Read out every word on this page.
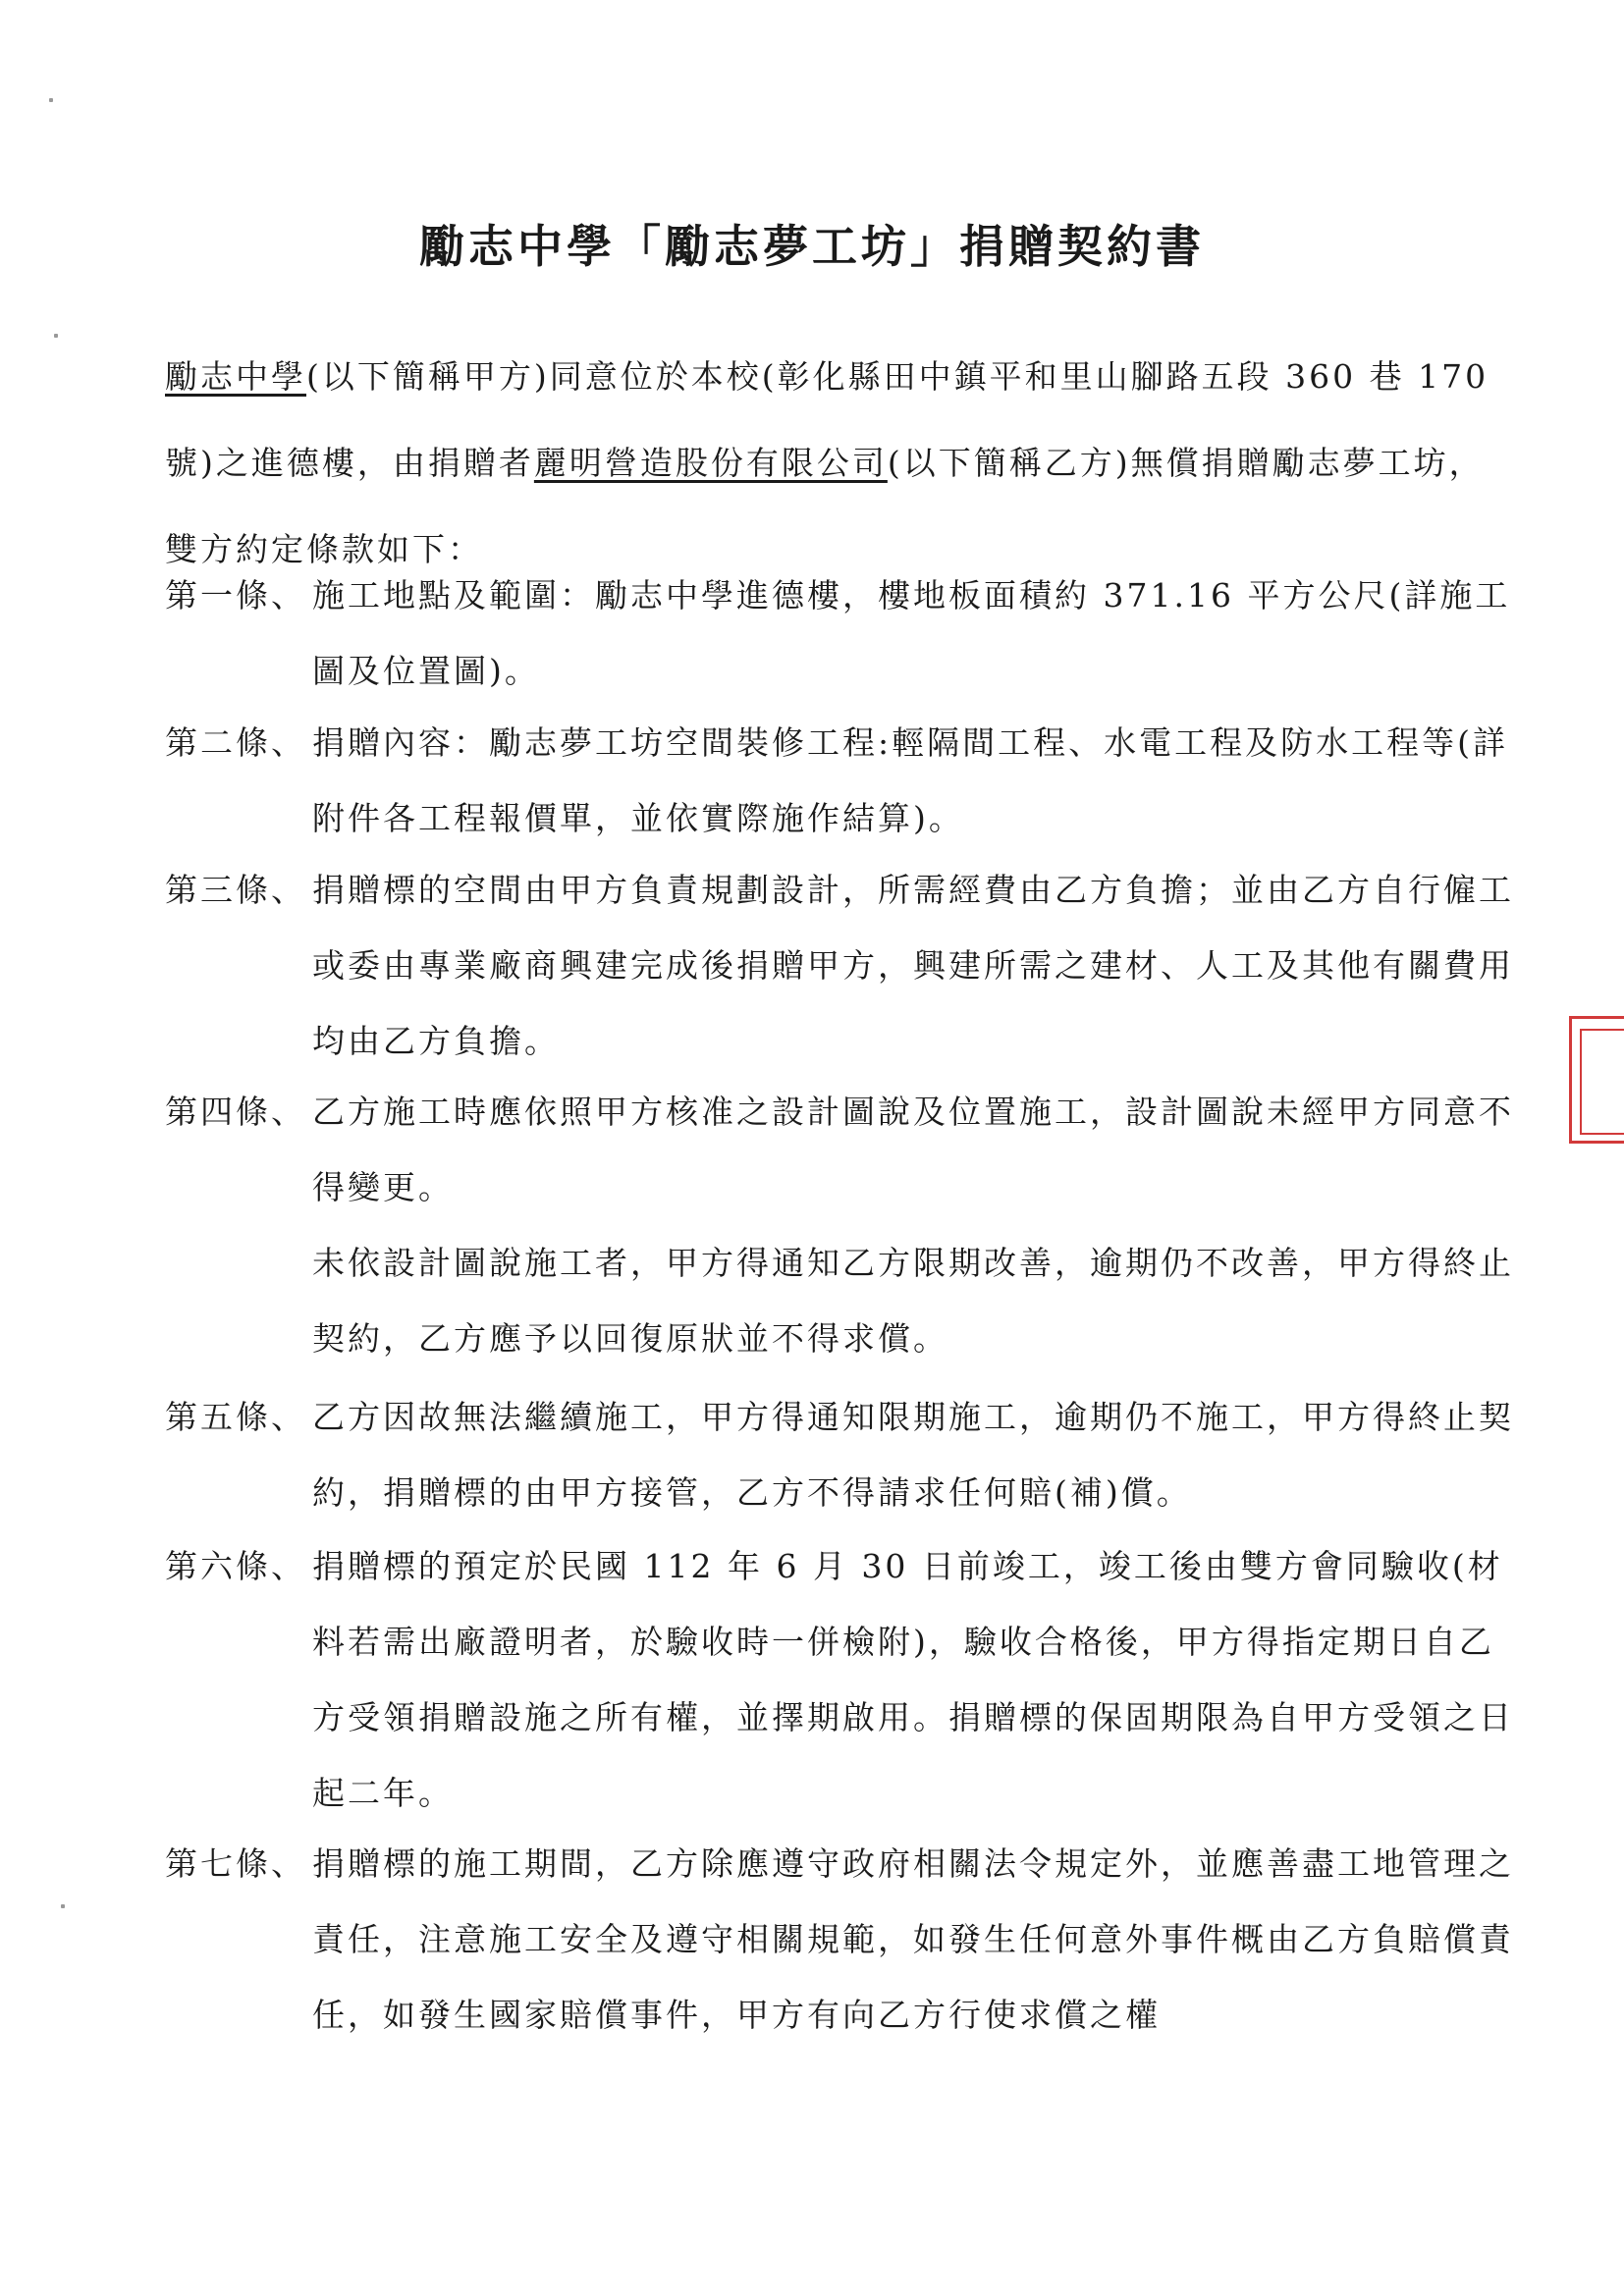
勵志中學「勵志夢工坊」捐贈契約書
勵志中學(以下簡稱甲方)同意位於本校(彰化縣田中鎮平和里山腳路五段 360 巷 170 號)之進德樓，由捐贈者麗明營造股份有限公司(以下簡稱乙方)無償捐贈勵志夢工坊，雙方約定條款如下：
第一條、 施工地點及範圍：勵志中學進德樓，樓地板面積約 371.16 平方公尺(詳施工圖及位置圖)。
第二條、 捐贈內容：勵志夢工坊空間裝修工程:輕隔間工程、水電工程及防水工程等(詳附件各工程報價單，並依實際施作結算)。
第三條、 捐贈標的空間由甲方負責規劃設計，所需經費由乙方負擔；並由乙方自行僱工或委由專業廠商興建完成後捐贈甲方，興建所需之建材、人工及其他有關費用均由乙方負擔。
第四條、 乙方施工時應依照甲方核准之設計圖說及位置施工，設計圖說未經甲方同意不得變更。
未依設計圖說施工者，甲方得通知乙方限期改善，逾期仍不改善，甲方得終止契約，乙方應予以回復原狀並不得求償。
第五條、 乙方因故無法繼續施工，甲方得通知限期施工，逾期仍不施工，甲方得終止契約，捐贈標的由甲方接管，乙方不得請求任何賠(補)償。
第六條、 捐贈標的預定於民國 112 年 6 月 30 日前竣工，竣工後由雙方會同驗收(材料若需出廠證明者，於驗收時一併檢附)，驗收合格後，甲方得指定期日自乙方受領捐贈設施之所有權，並擇期啟用。捐贈標的保固期限為自甲方受領之日起二年。
第七條、 捐贈標的施工期間，乙方除應遵守政府相關法令規定外，並應善盡工地管理之責任，注意施工安全及遵守相關規範，如發生任何意外事件概由乙方負賠償責任，如發生國家賠償事件，甲方有向乙方行使求償之權
